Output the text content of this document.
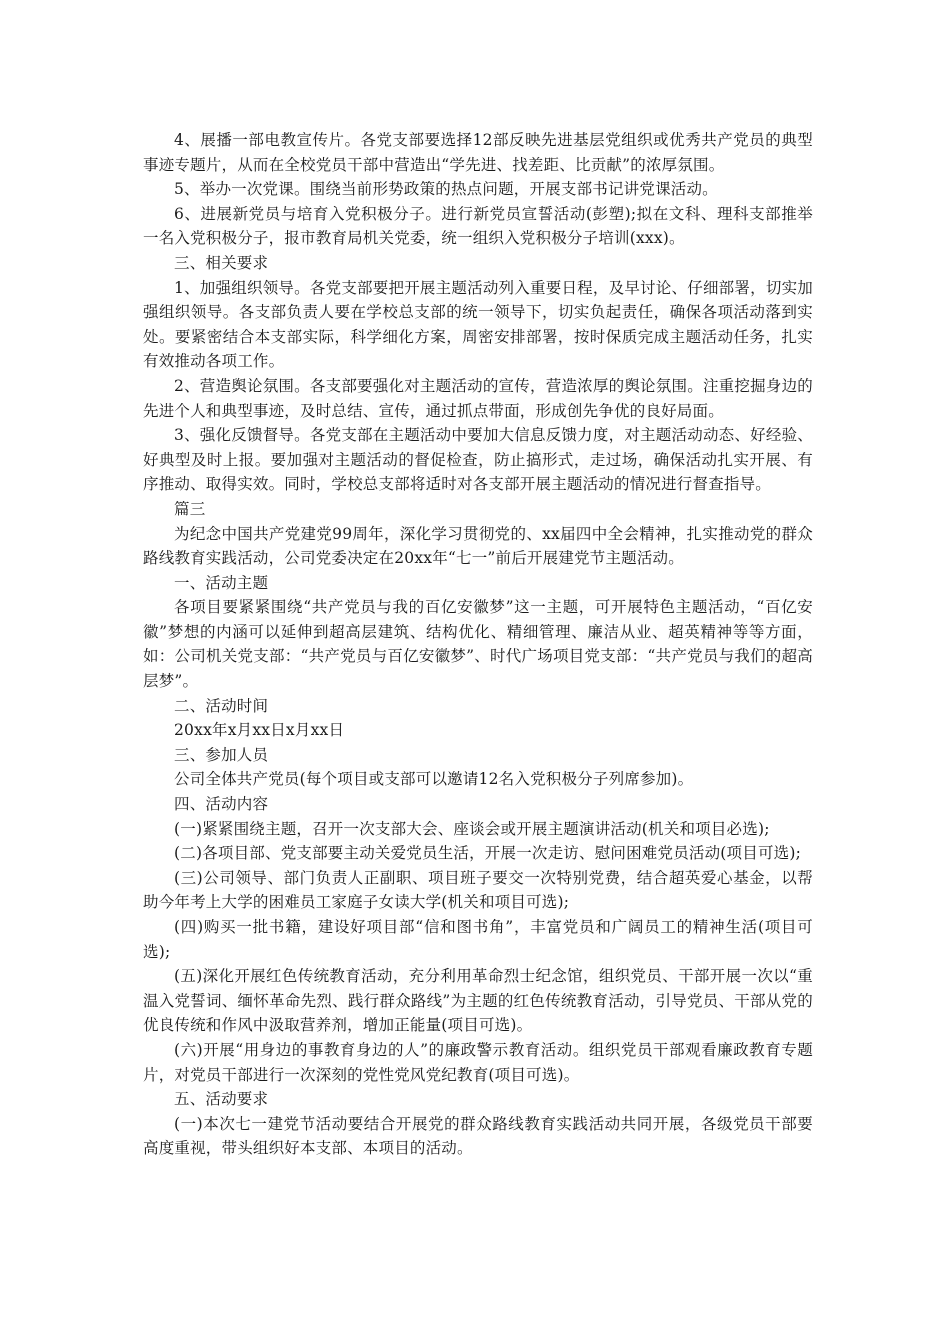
4、展播一部电教宣传片。各党支部要选择12部反映先进基层党组织或优秀共产党员的典型事迹专题片，从而在全校党员干部中营造出“学先进、找差距、比贡献”的浓厚氛围。

5、举办一次党课。围绕当前形势政策的热点问题，开展支部书记讲党课活动。

6、进展新党员与培育入党积极分子。进行新党员宣誓活动(彭塑);拟在文科、理科支部推举一名入党积极分子，报市教育局机关党委，统一组织入党积极分子培训(xxx)。

三、相关要求

1、加强组织领导。各党支部要把开展主题活动列入重要日程，及早讨论、仔细部署，切实加强组织领导。各支部负责人要在学校总支部的统一领导下，切实负起责任，确保各项活动落到实处。要紧密结合本支部实际，科学细化方案，周密安排部署，按时保质完成主题活动任务，扎实有效推动各项工作。

2、营造舆论氛围。各支部要强化对主题活动的宣传，营造浓厚的舆论氛围。注重挖掘身边的先进个人和典型事迹，及时总结、宣传，通过抓点带面，形成创先争优的良好局面。

3、强化反馈督导。各党支部在主题活动中要加大信息反馈力度，对主题活动动态、好经验、好典型及时上报。要加强对主题活动的督促检查，防止搞形式，走过场，确保活动扎实开展、有序推动、取得实效。同时，学校总支部将适时对各支部开展主题活动的情况进行督查指导。

篇三

为纪念中国共产党建党99周年，深化学习贯彻党的、xx届四中全会精神，扎实推动党的群众路线教育实践活动，公司党委决定在20xx年“七一”前后开展建党节主题活动。

一、活动主题

各项目要紧紧围绕“共产党员与我的百亿安徽梦”这一主题，可开展特色主题活动，“百亿安徽”梦想的内涵可以延伸到超高层建筑、结构优化、精细管理、廉洁从业、超英精神等等方面，如：公司机关党支部：“共产党员与百亿安徽梦”、时代广场项目党支部：“共产党员与我们的超高层梦”。

二、活动时间

20xx年x月xx日x月xx日

三、参加人员

公司全体共产党员(每个项目或支部可以邀请12名入党积极分子列席参加)。

四、活动内容

(一)紧紧围绕主题，召开一次支部大会、座谈会或开展主题演讲活动(机关和项目必选);

(二)各项目部、党支部要主动关爱党员生活，开展一次走访、慰问困难党员活动(项目可选);

(三)公司领导、部门负责人正副职、项目班子要交一次特别党费，结合超英爱心基金，以帮助今年考上大学的困难员工家庭子女读大学(机关和项目可选);

(四)购买一批书籍，建设好项目部“信和图书角”，丰富党员和广阔员工的精神生活(项目可选);

(五)深化开展红色传统教育活动，充分利用革命烈士纪念馆，组织党员、干部开展一次以“重温入党誓词、缅怀革命先烈、践行群众路线”为主题的红色传统教育活动，引导党员、干部从党的优良传统和作风中汲取营养剂，增加正能量(项目可选)。

(六)开展“用身边的事教育身边的人”的廉政警示教育活动。组织党员干部观看廉政教育专题片，对党员干部进行一次深刻的党性党风党纪教育(项目可选)。

五、活动要求

(一)本次七一建党节活动要结合开展党的群众路线教育实践活动共同开展，各级党员干部要高度重视，带头组织好本支部、本项目的活动。
